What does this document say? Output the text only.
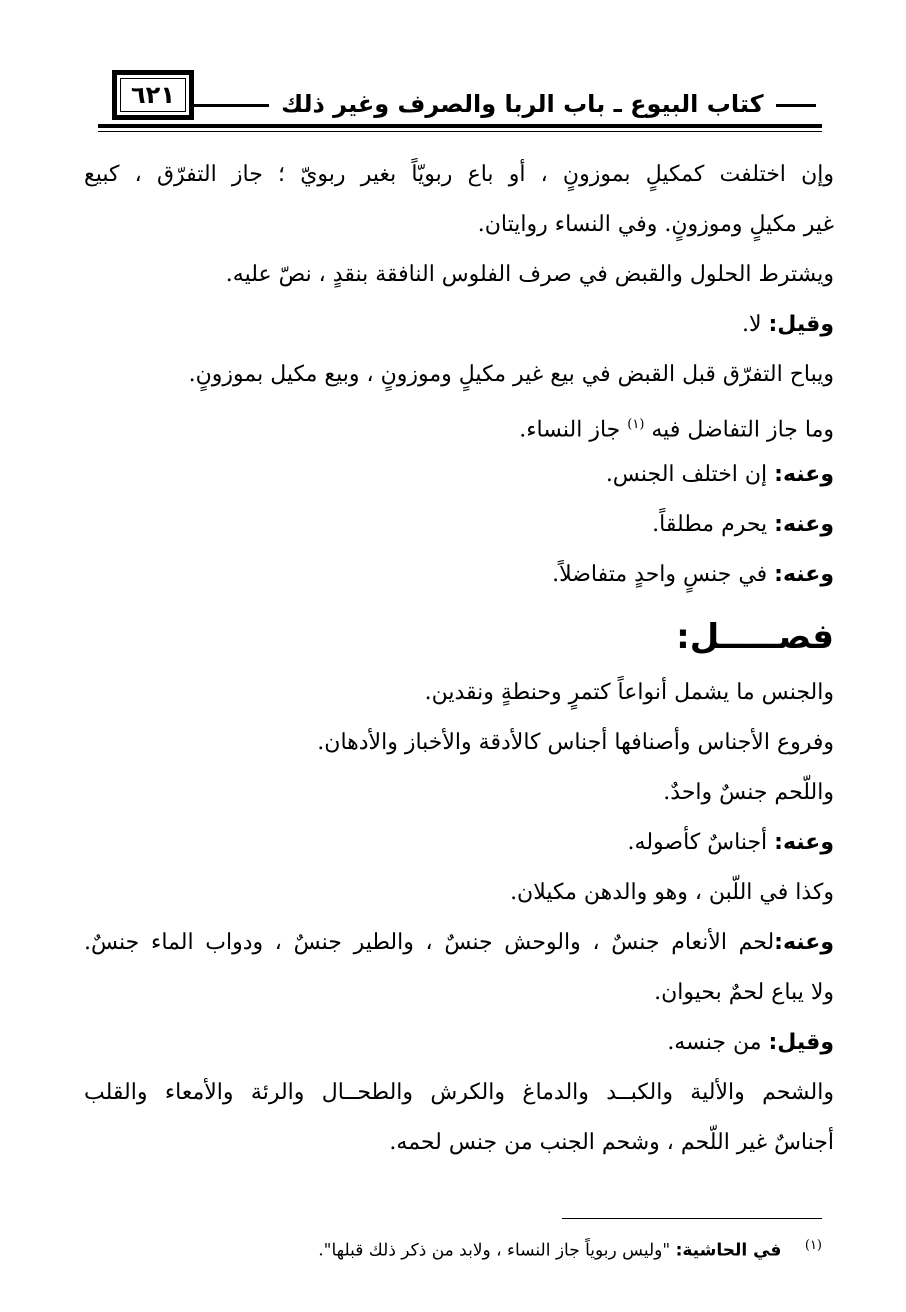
٦٢١	كتاب البيوع ـ باب الربا والصرف وغير ذلك
وإن اختلفت كمكيلٍ بموزونٍ ، أو باع ربويّاً بغير ربويّ ؛ جاز التفرّق ، كبيع
غير مكيلٍ وموزونٍ. وفي النساء روايتان.
ويشترط الحلول والقبض في صرف الفلوس النافقة بنقدٍ ، نصّ عليه.
وقيل: لا.
ويباح التفرّق قبل القبض في بيع غير مكيلٍ وموزونٍ ، وبيع مكيل بموزونٍ.
وما جاز التفاضل فيه $^{(١)}$ جاز النساء.
وعنه: إن اختلف الجنس.
وعنه: يحرم مطلقاً.
وعنه: في جنسٍ واحدٍ متفاضلاً.
فصـــــل:
والجنس ما يشمل أنواعاً كتمرٍ وحنطةٍ ونقدين.
وفروع الأجناس وأصنافها أجناس كالأدقة والأخباز والأدهان.
واللّحم جنسٌ واحدٌ.
وعنه: أجناسٌ كأصوله.
وكذا في اللّبن ، وهو والدهن مكيلان.
وعنه:لحم الأنعام جنسٌ ، والوحش جنسٌ ، والطير جنسٌ ، ودواب الماء جنسٌ.
ولا يباع لحمٌ بحيوان.
وقيل: من جنسه.
والشحم والألية والكبــد والدماغ والكرش والطحــال والرئة والأمعاء والقلب
أجناسٌ غير اللّحم ، وشحم الجنب من جنس لحمه.
$^{(١)}$ في الحاشية: "وليس ربوياً جاز النساء ، ولابد من ذكر ذلك قبلها".
